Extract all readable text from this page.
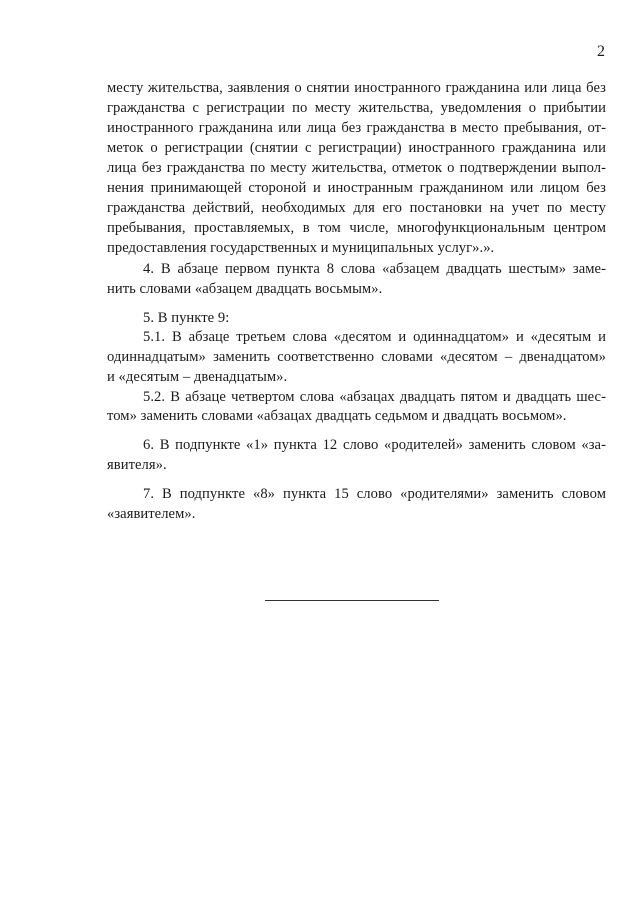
2
месту жительства, заявления о снятии иностранного гражданина или лица без
гражданства с регистрации по месту жительства, уведомления о прибытии
иностранного гражданина или лица без гражданства в место пребывания, от-
меток о регистрации (снятии с регистрации) иностранного гражданина или
лица без гражданства по месту жительства, отметок о подтверждении выпол-
нения принимающей стороной и иностранным гражданином или лицом без
гражданства действий, необходимых для его постановки на учет по месту
пребывания, проставляемых, в том числе, многофункциональным центром
предоставления государственных и муниципальных услуг».».
4. В абзаце первом пункта 8 слова «абзацем двадцать шестым» заме-
нить словами «абзацем двадцать восьмым».
5. В пункте 9:
5.1. В абзаце третьем слова «десятом и одиннадцатом» и «десятым и
одиннадцатым» заменить соответственно словами «десятом – двенадцатом»
и «десятым – двенадцатым».
5.2. В абзаце четвертом слова «абзацах двадцать пятом и двадцать шес-
том» заменить словами «абзацах двадцать седьмом и двадцать восьмом».
6. В подпункте «1» пункта 12 слово «родителей» заменить словом «за-
явителя».
7. В подпункте «8» пункта 15 слово «родителями» заменить словом
«заявителем».
